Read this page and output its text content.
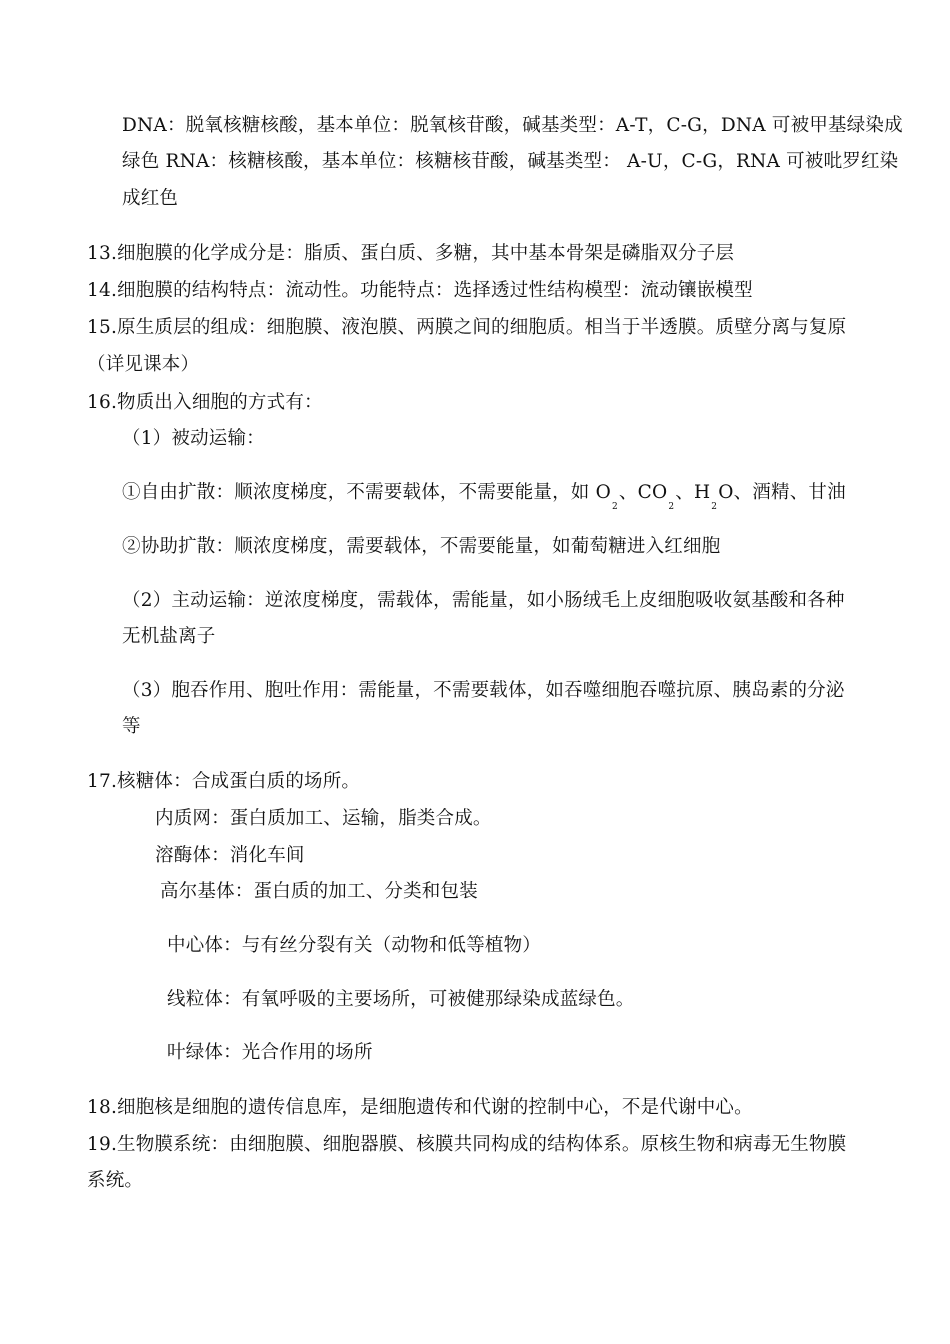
DNA：脱氧核糖核酸，基本单位：脱氧核苷酸，碱基类型：A-T，C-G，DNA 可被甲基绿染成
绿色 RNA：核糖核酸，基本单位：核糖核苷酸，碱基类型： A-U，C-G，RNA 可被吡罗红染
成红色
13.细胞膜的化学成分是：脂质、蛋白质、多糖，其中基本骨架是磷脂双分子层
14.细胞膜的结构特点：流动性。功能特点：选择透过性结构模型：流动镶嵌模型
15.原生质层的组成：细胞膜、液泡膜、两膜之间的细胞质。相当于半透膜。质壁分离与复原
（详见课本）
16.物质出入细胞的方式有：
（1）被动运输：
①自由扩散：顺浓度梯度，不需要载体，不需要能量，如 $O_2$、$CO_2$、$H_2O$、酒精、甘油
②协助扩散：顺浓度梯度，需要载体，不需要能量，如葡萄糖进入红细胞
（2）主动运输：逆浓度梯度，需载体，需能量，如小肠绒毛上皮细胞吸收氨基酸和各种
无机盐离子
（3）胞吞作用、胞吐作用：需能量，不需要载体，如吞噬细胞吞噬抗原、胰岛素的分泌
等
17.核糖体：合成蛋白质的场所。
内质网：蛋白质加工、运输，脂类合成。
溶酶体：消化车间
高尔基体：蛋白质的加工、分类和包装
中心体：与有丝分裂有关（动物和低等植物）
线粒体：有氧呼吸的主要场所，可被健那绿染成蓝绿色。
叶绿体：光合作用的场所
18.细胞核是细胞的遗传信息库，是细胞遗传和代谢的控制中心，不是代谢中心。
19.生物膜系统：由细胞膜、细胞器膜、核膜共同构成的结构体系。原核生物和病毒无生物膜
系统。
